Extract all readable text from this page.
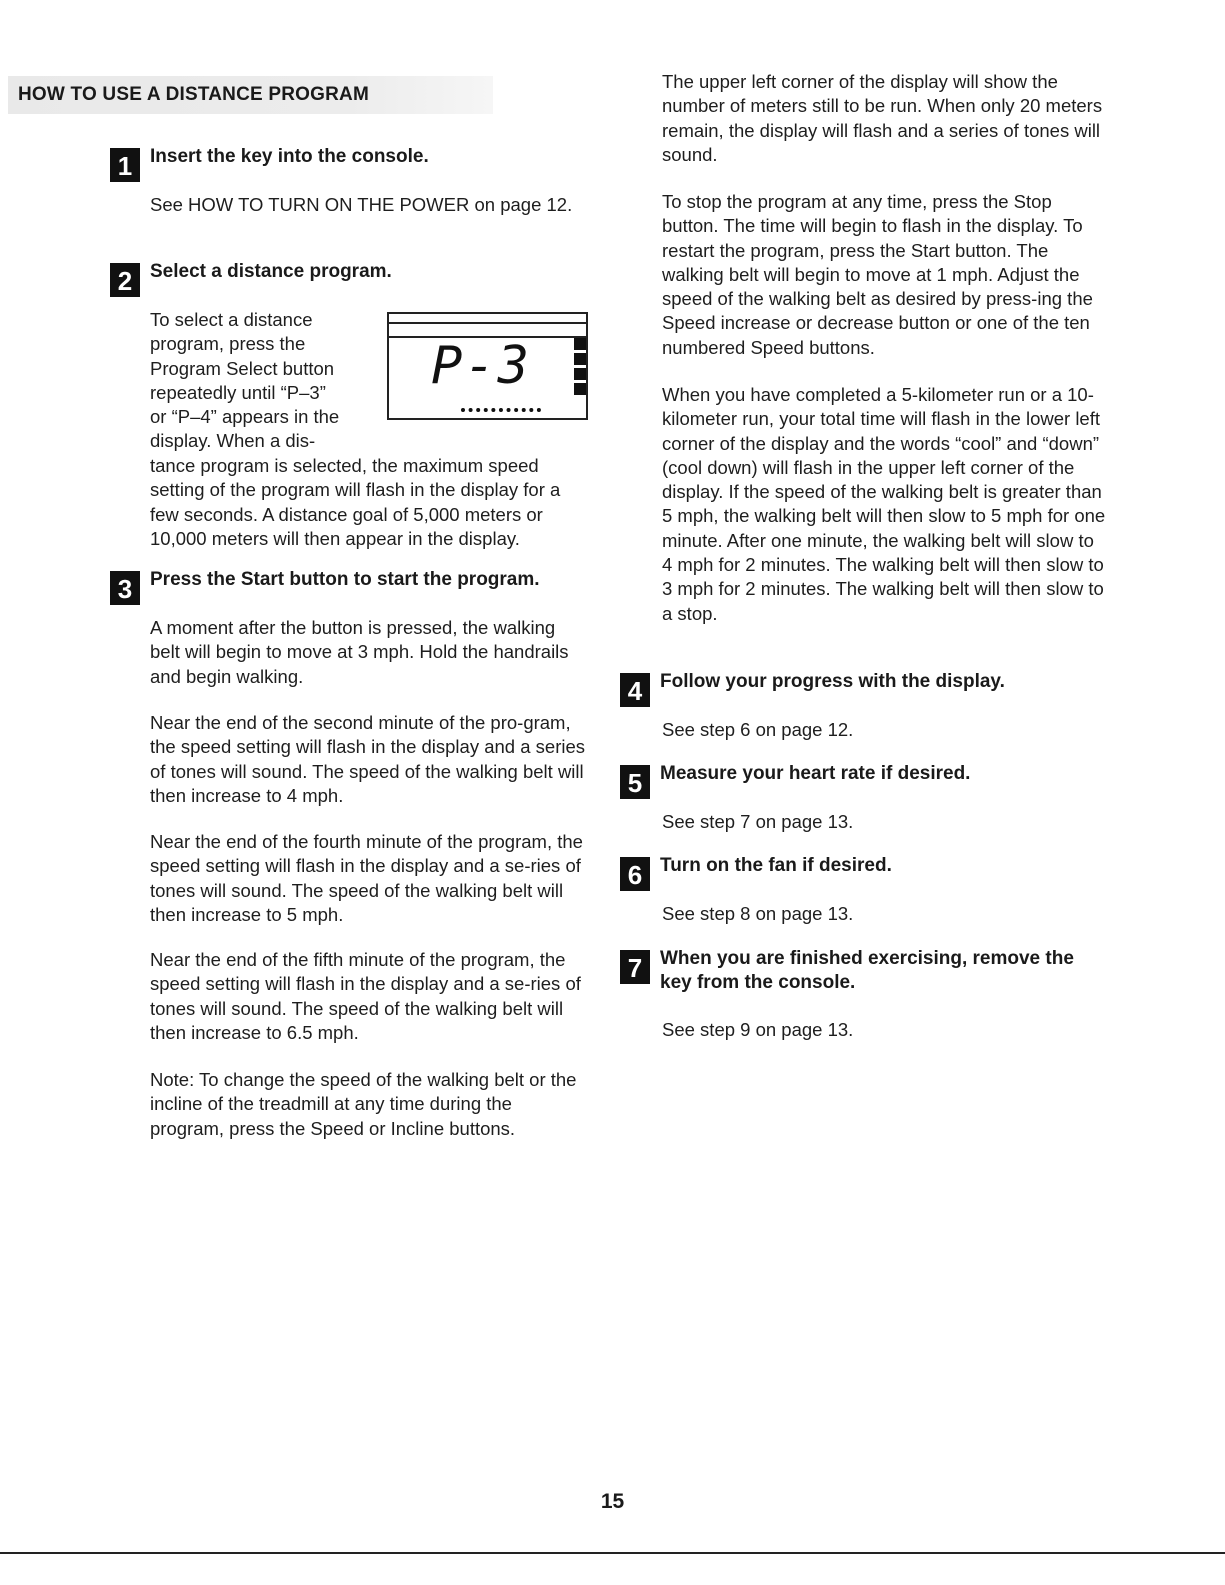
HOW TO USE A DISTANCE PROGRAM
1 Insert the key into the console.
See HOW TO TURN ON THE POWER on page 12.
2 Select a distance program.
To select a distance
program, press the
Program Select button
repeatedly until “P–3”
or “P–4” appears in the
display. When a dis-
tance program is selected, the maximum speed setting of the program will flash in the display for a few seconds. A distance goal of 5,000 meters or 10,000 meters will then appear in the display.
3 Press the Start button to start the program.
A moment after the button is pressed, the walking belt will begin to move at 3 mph. Hold the handrails and begin walking.
Near the end of the second minute of the pro-gram, the speed setting will flash in the display and a series of tones will sound. The speed of the walking belt will then increase to 4 mph.
Near the end of the fourth minute of the program, the speed setting will flash in the display and a se-ries of tones will sound. The speed of the walking belt will then increase to 5 mph.
Near the end of the fifth minute of the program, the speed setting will flash in the display and a se-ries of tones will sound. The speed of the walking belt will then increase to 6.5 mph.
Note: To change the speed of the walking belt or the incline of the treadmill at any time during the program, press the Speed or Incline buttons.
P-3
The upper left corner of the display will show the number of meters still to be run. When only 20 meters remain, the display will flash and a series of tones will sound.
To stop the program at any time, press the Stop button. The time will begin to flash in the display. To restart the program, press the Start button. The walking belt will begin to move at 1 mph. Adjust the speed of the walking belt as desired by press-ing the Speed increase or decrease button or one of the ten numbered Speed buttons.
When you have completed a 5-kilometer run or a 10-kilometer run, your total time will flash in the lower left corner of the display and the words “cool” and “down” (cool down) will flash in the upper left corner of the display. If the speed of the walking belt is greater than 5 mph, the walking belt will then slow to 5 mph for one minute. After one minute, the walking belt will slow to 4 mph for 2 minutes. The walking belt will then slow to 3 mph for 2 minutes. The walking belt will then slow to a stop.
4 Follow your progress with the display.
See step 6 on page 12.
5 Measure your heart rate if desired.
See step 7 on page 13.
6 Turn on the fan if desired.
See step 8 on page 13.
7 When you are finished exercising, remove the key from the console.
See step 9 on page 13.
15
